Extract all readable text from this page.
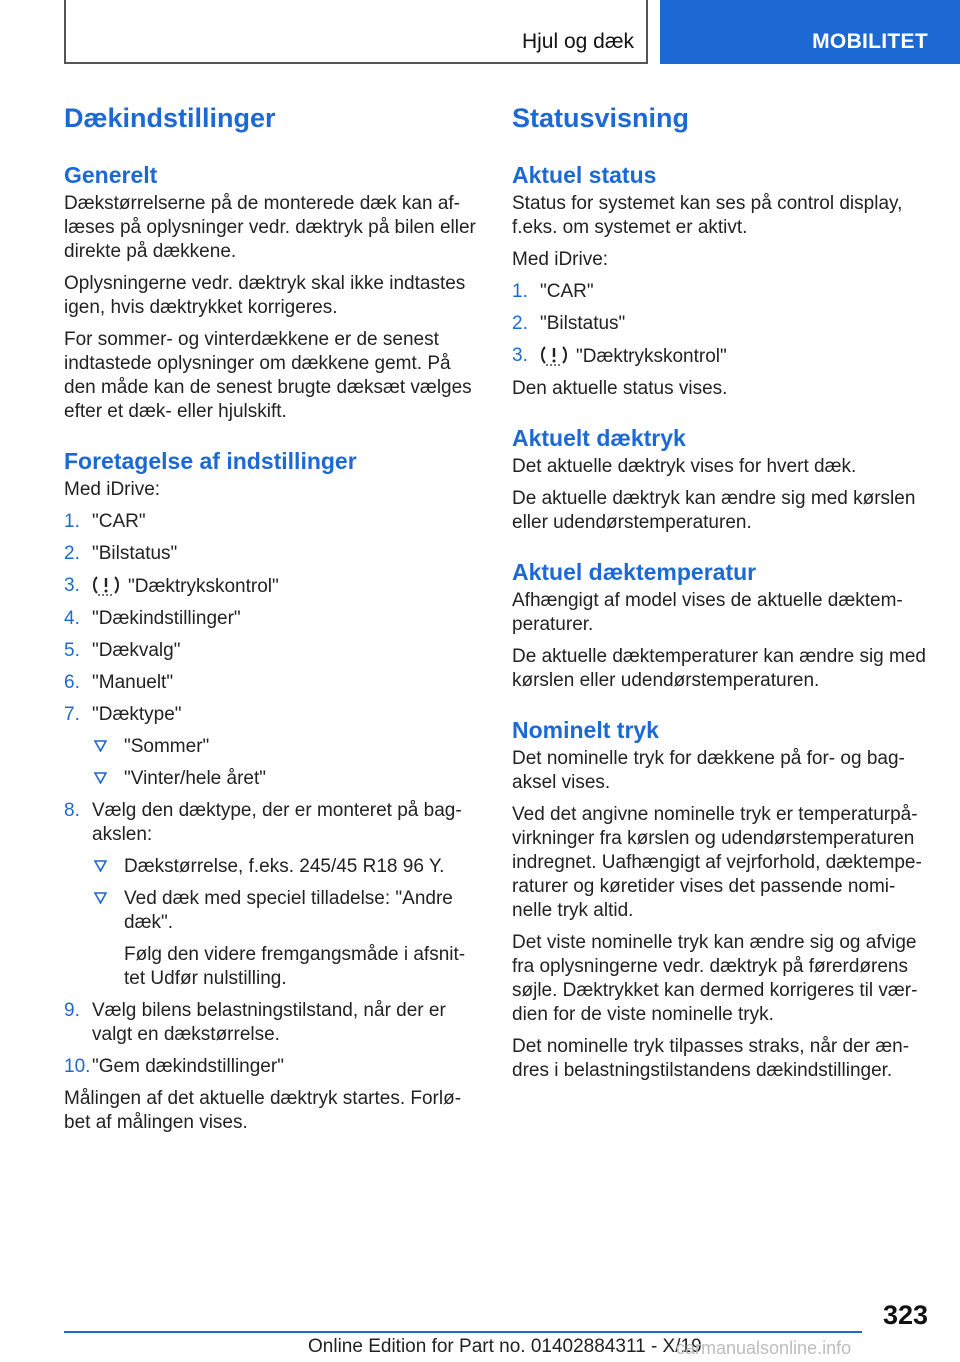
Hjul og dæk	MOBILITET
Dækindstillinger
Generelt

Dækstørrelserne på de monterede dæk kan af-læses på oplysninger vedr. dæktryk på bilen eller direkte på dækkene.

Oplysningerne vedr. dæktryk skal ikke indtastes igen, hvis dæktrykket korrigeres.

For sommer- og vinterdækkene er de senest indtastede oplysninger om dækkene gemt. På den måde kan de senest brugte dæksæt vælges efter et dæk- eller hjulskift.

Foretagelse af indstillinger

Med iDrive:

1. "CAR"
2. "Bilstatus"
3.	"Dæktrykskontrol"
4. "Dækindstillinger"
5. "Dækvalg"
6. "Manuelt"
7. "Dæktype"
"Sommer"
"Vinter/hele året"
8. Vælg den dæktype, der er monteret på bag-akslen:
Dækstørrelse, f.eks. 245/45 R18 96 Y.
Ved dæk med speciel tilladelse: "Andre dæk".
Følg den videre fremgangsmåde i afsnit-tet Udfør nulstilling.
9. Vælg bilens belastningstilstand, når der er valgt en dækstørrelse.
10. "Gem dækindstillinger"

Målingen af det aktuelle dæktryk startes. Forlø-bet af målingen vises.

Statusvisning
Aktuel status

Status for systemet kan ses på control display, f.eks. om systemet er aktivt.

Med iDrive:

1. "CAR"
2. "Bilstatus"
3.	"Dæktrykskontrol"

Den aktuelle status vises.

Aktuelt dæktryk

Det aktuelle dæktryk vises for hvert dæk.

De aktuelle dæktryk kan ændre sig med kørslen eller udendørstemperaturen.

Aktuel dæktemperatur

Afhængigt af model vises de aktuelle dæktem-peraturer.

De aktuelle dæktemperaturer kan ændre sig med kørslen eller udendørstemperaturen.

Nominelt tryk

Det nominelle tryk for dækkene på for- og bag-aksel vises.

Ved det angivne nominelle tryk er temperaturpå-virkninger fra kørslen og udendørstemperaturen indregnet. Uafhængigt af vejrforhold, dæktempe-raturer og køretider vises det passende nomi-nelle tryk altid.

Det viste nominelle tryk kan ændre sig og afvige fra oplysningerne vedr. dæktryk på førerdørens søjle. Dæktrykket kan dermed korrigeres til vær-dien for de viste nominelle tryk.

Det nominelle tryk tilpasses straks, når der æn-dres i belastningstilstandens dækindstillinger.

323
Online Edition for Part no. 01402884311 - X/19
carmanualsonline.info
